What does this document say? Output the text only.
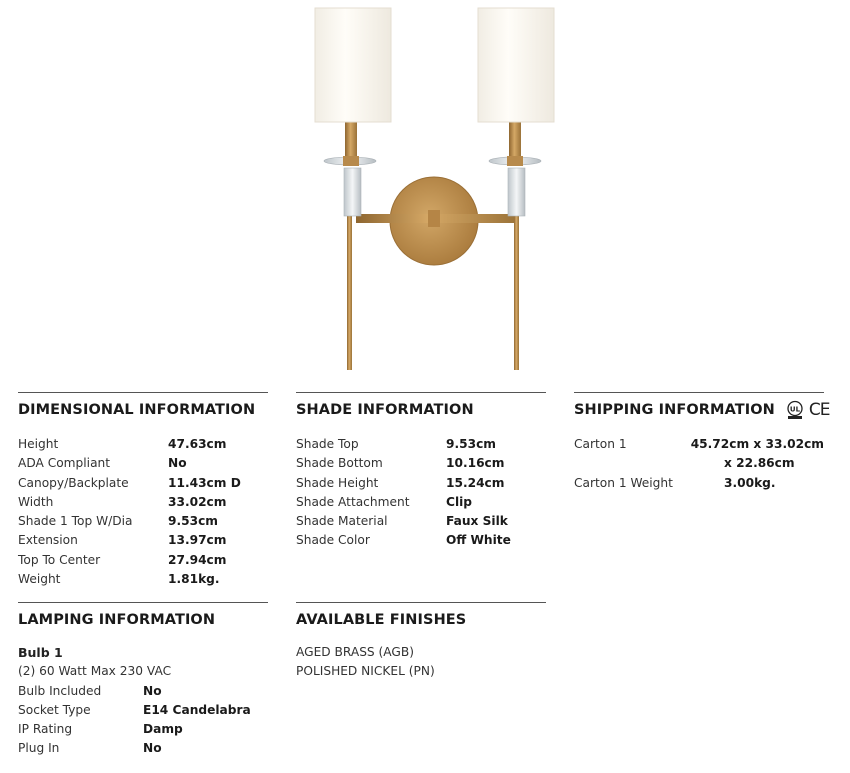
DIMENSIONAL INFORMATION
Height	47.63cm
ADA Compliant	No
Canopy/Backplate	11.43cm D
Width	33.02cm
Shade 1 Top W/Dia	9.53cm
Extension	13.97cm
Top To Center	27.94cm
Weight	1.81kg.
SHADE INFORMATION
Shade Top	9.53cm
Shade Bottom	10.16cm
Shade Height	15.24cm
Shade Attachment	Clip
Shade Material	Faux Silk
Shade Color	Off White
SHIPPING INFORMATION UL CE
Carton 1	45.72cm x 33.02cm
x 22.86cm
Carton 1 Weight	3.00kg.
LAMPING INFORMATION
Bulb 1
(2) 60 Watt Max 230 VAC
Bulb Included	No
Socket Type	E14 Candelabra
IP Rating	Damp
Plug In	No
AVAILABLE FINISHES
AGED BRASS (AGB)
POLISHED NICKEL (PN)
